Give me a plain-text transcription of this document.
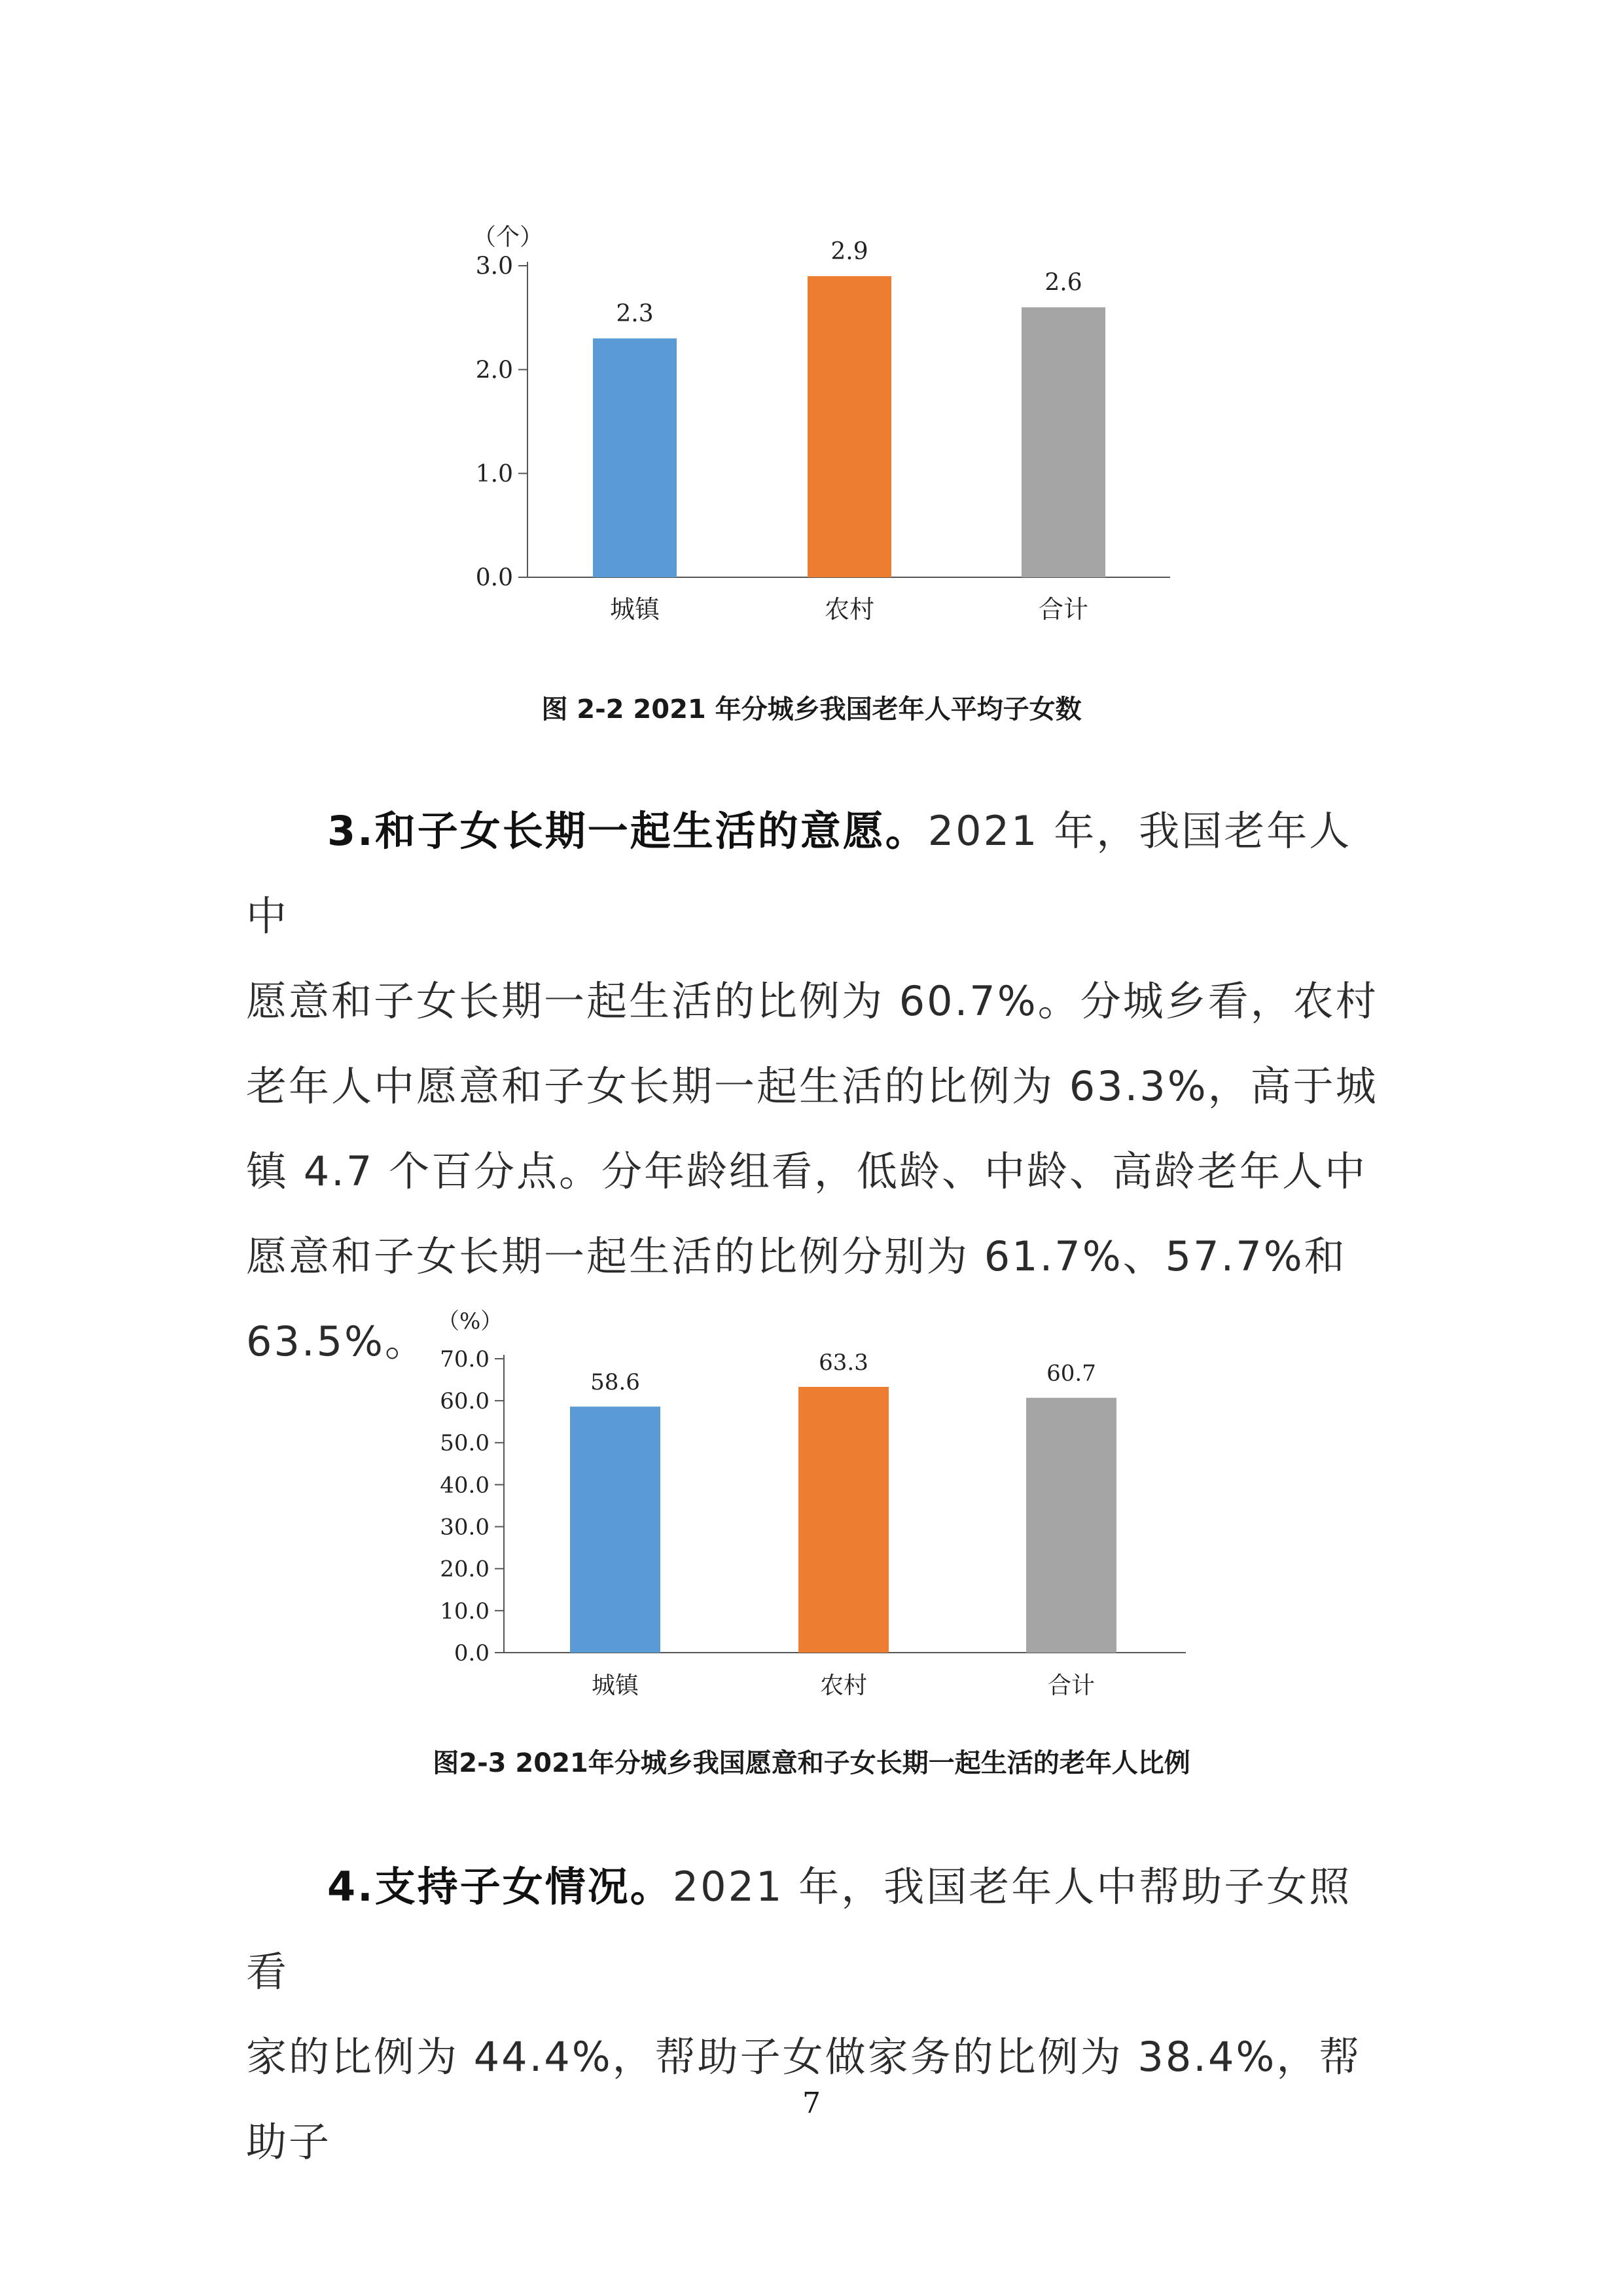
（个）
0.0
1.0
2.0
3.0
2.3
城镇
2.9
农村
2.6
合计
图 2-2 2021 年分城乡我国老年人平均子女数
3.和子女长期一起生活的意愿。2021 年，我国老年人中
愿意和子女长期一起生活的比例为 60.7%。分城乡看，农村
老年人中愿意和子女长期一起生活的比例为 63.3%，高于城
镇 4.7 个百分点。分年龄组看，低龄、中龄、高龄老年人中
愿意和子女长期一起生活的比例分别为 61.7%、57.7%和
63.5%。 （%）
0.0
10.0
20.0
30.0
40.0
50.0
60.0
70.0
58.6
城镇
63.3
农村
60.7
合计
图2-3 2021年分城乡我国愿意和子女长期一起生活的老年人比例
4.支持子女情况。2021 年，我国老年人中帮助子女照看
家的比例为 44.4%，帮助子女做家务的比例为 38.4%，帮助子
7
